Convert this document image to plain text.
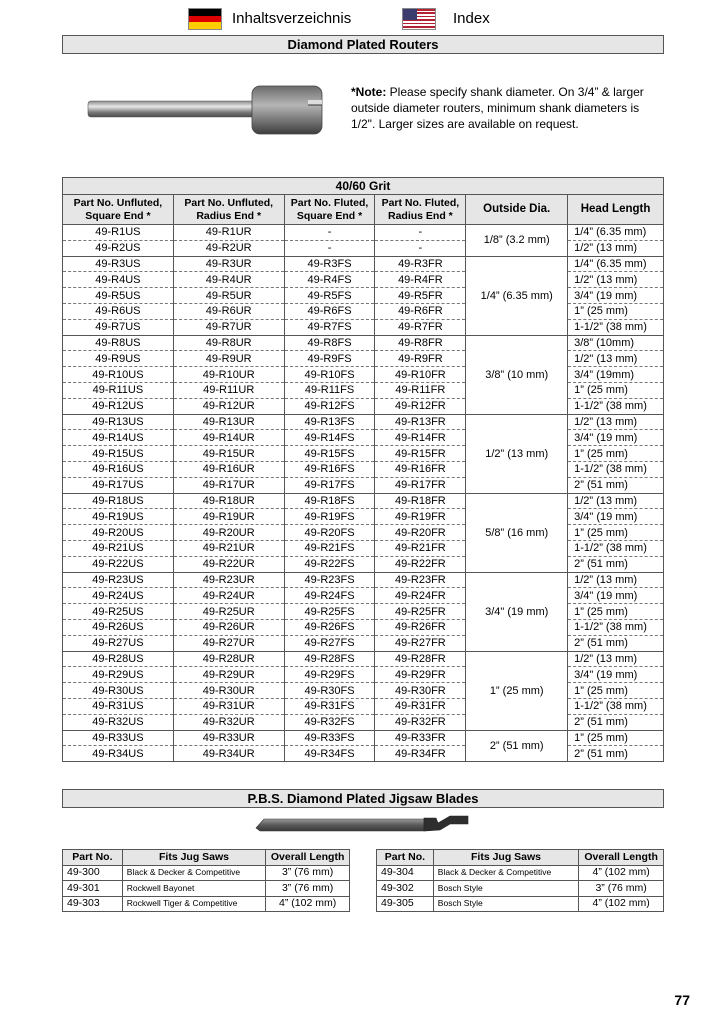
Inhaltsverzeichnis	Index
Diamond Plated Routers
*Note: Please specify shank diameter. On 3/4” & larger outside diameter routers, minimum shank diameters is 1/2". Larger sizes are available on request.
40/60 Grit					
Part No. Unfluted, Square End *	Part No. Unfluted, Radius End *	Part No. Fluted, Square End *	Part No. Fluted, Radius End *	Outside Dia.	Head Length
49-R1US	49-R1UR	-	-	1/8” (3.2 mm)	1/4” (6.35 mm)
49-R2US	49-R2UR	-	-		1/2” (13 mm)
49-R3US	49-R3UR	49-R3FS	49-R3FR	1/4” (6.35 mm)	1/4" (6.35 mm)
49-R4US	49-R4UR	49-R4FS	49-R4FR		1/2" (13 mm)
49-R5US	49-R5UR	49-R5FS	49-R5FR		3/4” (19 mm)
49-R6US	49-R6UR	49-R6FS	49-R6FR		1” (25 mm)
49-R7US	49-R7UR	49-R7FS	49-R7FR		1-1/2” (38 mm)
49-R8US	49-R8UR	49-R8FS	49-R8FR	3/8” (10 mm)	3/8” (10mm)
49-R9US	49-R9UR	49-R9FS	49-R9FR		1/2" (13 mm)
49-R10US	49-R10UR	49-R10FS	49-R10FR		3/4” (19mm)
49-R11US	49-R11UR	49-R11FS	49-R11FR		1” (25 mm)
49-R12US	49-R12UR	49-R12FS	49-R12FR		1-1/2” (38 mm)
49-R13US	49-R13UR	49-R13FS	49-R13FR	1/2” (13 mm)	1/2” (13 mm)
49-R14US	49-R14UR	49-R14FS	49-R14FR		3/4" (19 mm)
49-R15US	49-R15UR	49-R15FS	49-R15FR		1” (25 mm)
49-R16US	49-R16UR	49-R16FS	49-R16FR		1-1/2” (38 mm)
49-R17US	49-R17UR	49-R17FS	49-R17FR		2” (51 mm)
49-R18US	49-R18UR	49-R18FS	49-R18FR	5/8” (16 mm)	1/2” (13 mm)
49-R19US	49-R19UR	49-R19FS	49-R19FR		3/4" (19 mm)
49-R20US	49-R20UR	49-R20FS	49-R20FR		1” (25 mm)
49-R21US	49-R21UR	49-R21FS	49-R21FR		1-1/2” (38 mm)
49-R22US	49-R22UR	49-R22FS	49-R22FR		2” (51 mm)
49-R23US	49-R23UR	49-R23FS	49-R23FR	3/4" (19 mm)	1/2” (13 mm)
49-R24US	49-R24UR	49-R24FS	49-R24FR		3/4" (19 mm)
49-R25US	49-R25UR	49-R25FS	49-R25FR		1” (25 mm)
49-R26US	49-R26UR	49-R26FS	49-R26FR		1-1/2” (38 mm)
49-R27US	49-R27UR	49-R27FS	49-R27FR		2” (51 mm)
49-R28US	49-R28UR	49-R28FS	49-R28FR	1” (25 mm)	1/2” (13 mm)
49-R29US	49-R29UR	49-R29FS	49-R29FR		3/4" (19 mm)
49-R30US	49-R30UR	49-R30FS	49-R30FR		1” (25 mm)
49-R31US	49-R31UR	49-R31FS	49-R31FR		1-1/2” (38 mm)
49-R32US	49-R32UR	49-R32FS	49-R32FR		2” (51 mm)
49-R33US	49-R33UR	49-R33FS	49-R33FR	2” (51 mm)	1” (25 mm)
49-R34US	49-R34UR	49-R34FS	49-R34FR		2” (51 mm)
P.B.S. Diamond Plated Jigsaw Blades
Part No.	Fits Jug Saws	Overall Length
49-300	Black & Decker & Competitive	3” (76 mm)
49-301	Rockwell Bayonet	3” (76 mm)
49-303	Rockwell Tiger & Competitive	4” (102 mm)
Part No.	Fits Jug Saws	Overall Length
49-304	Black & Decker & Competitive	4” (102 mm)
49-302	Bosch Style	3” (76 mm)
49-305	Bosch Style	4” (102 mm)
77
